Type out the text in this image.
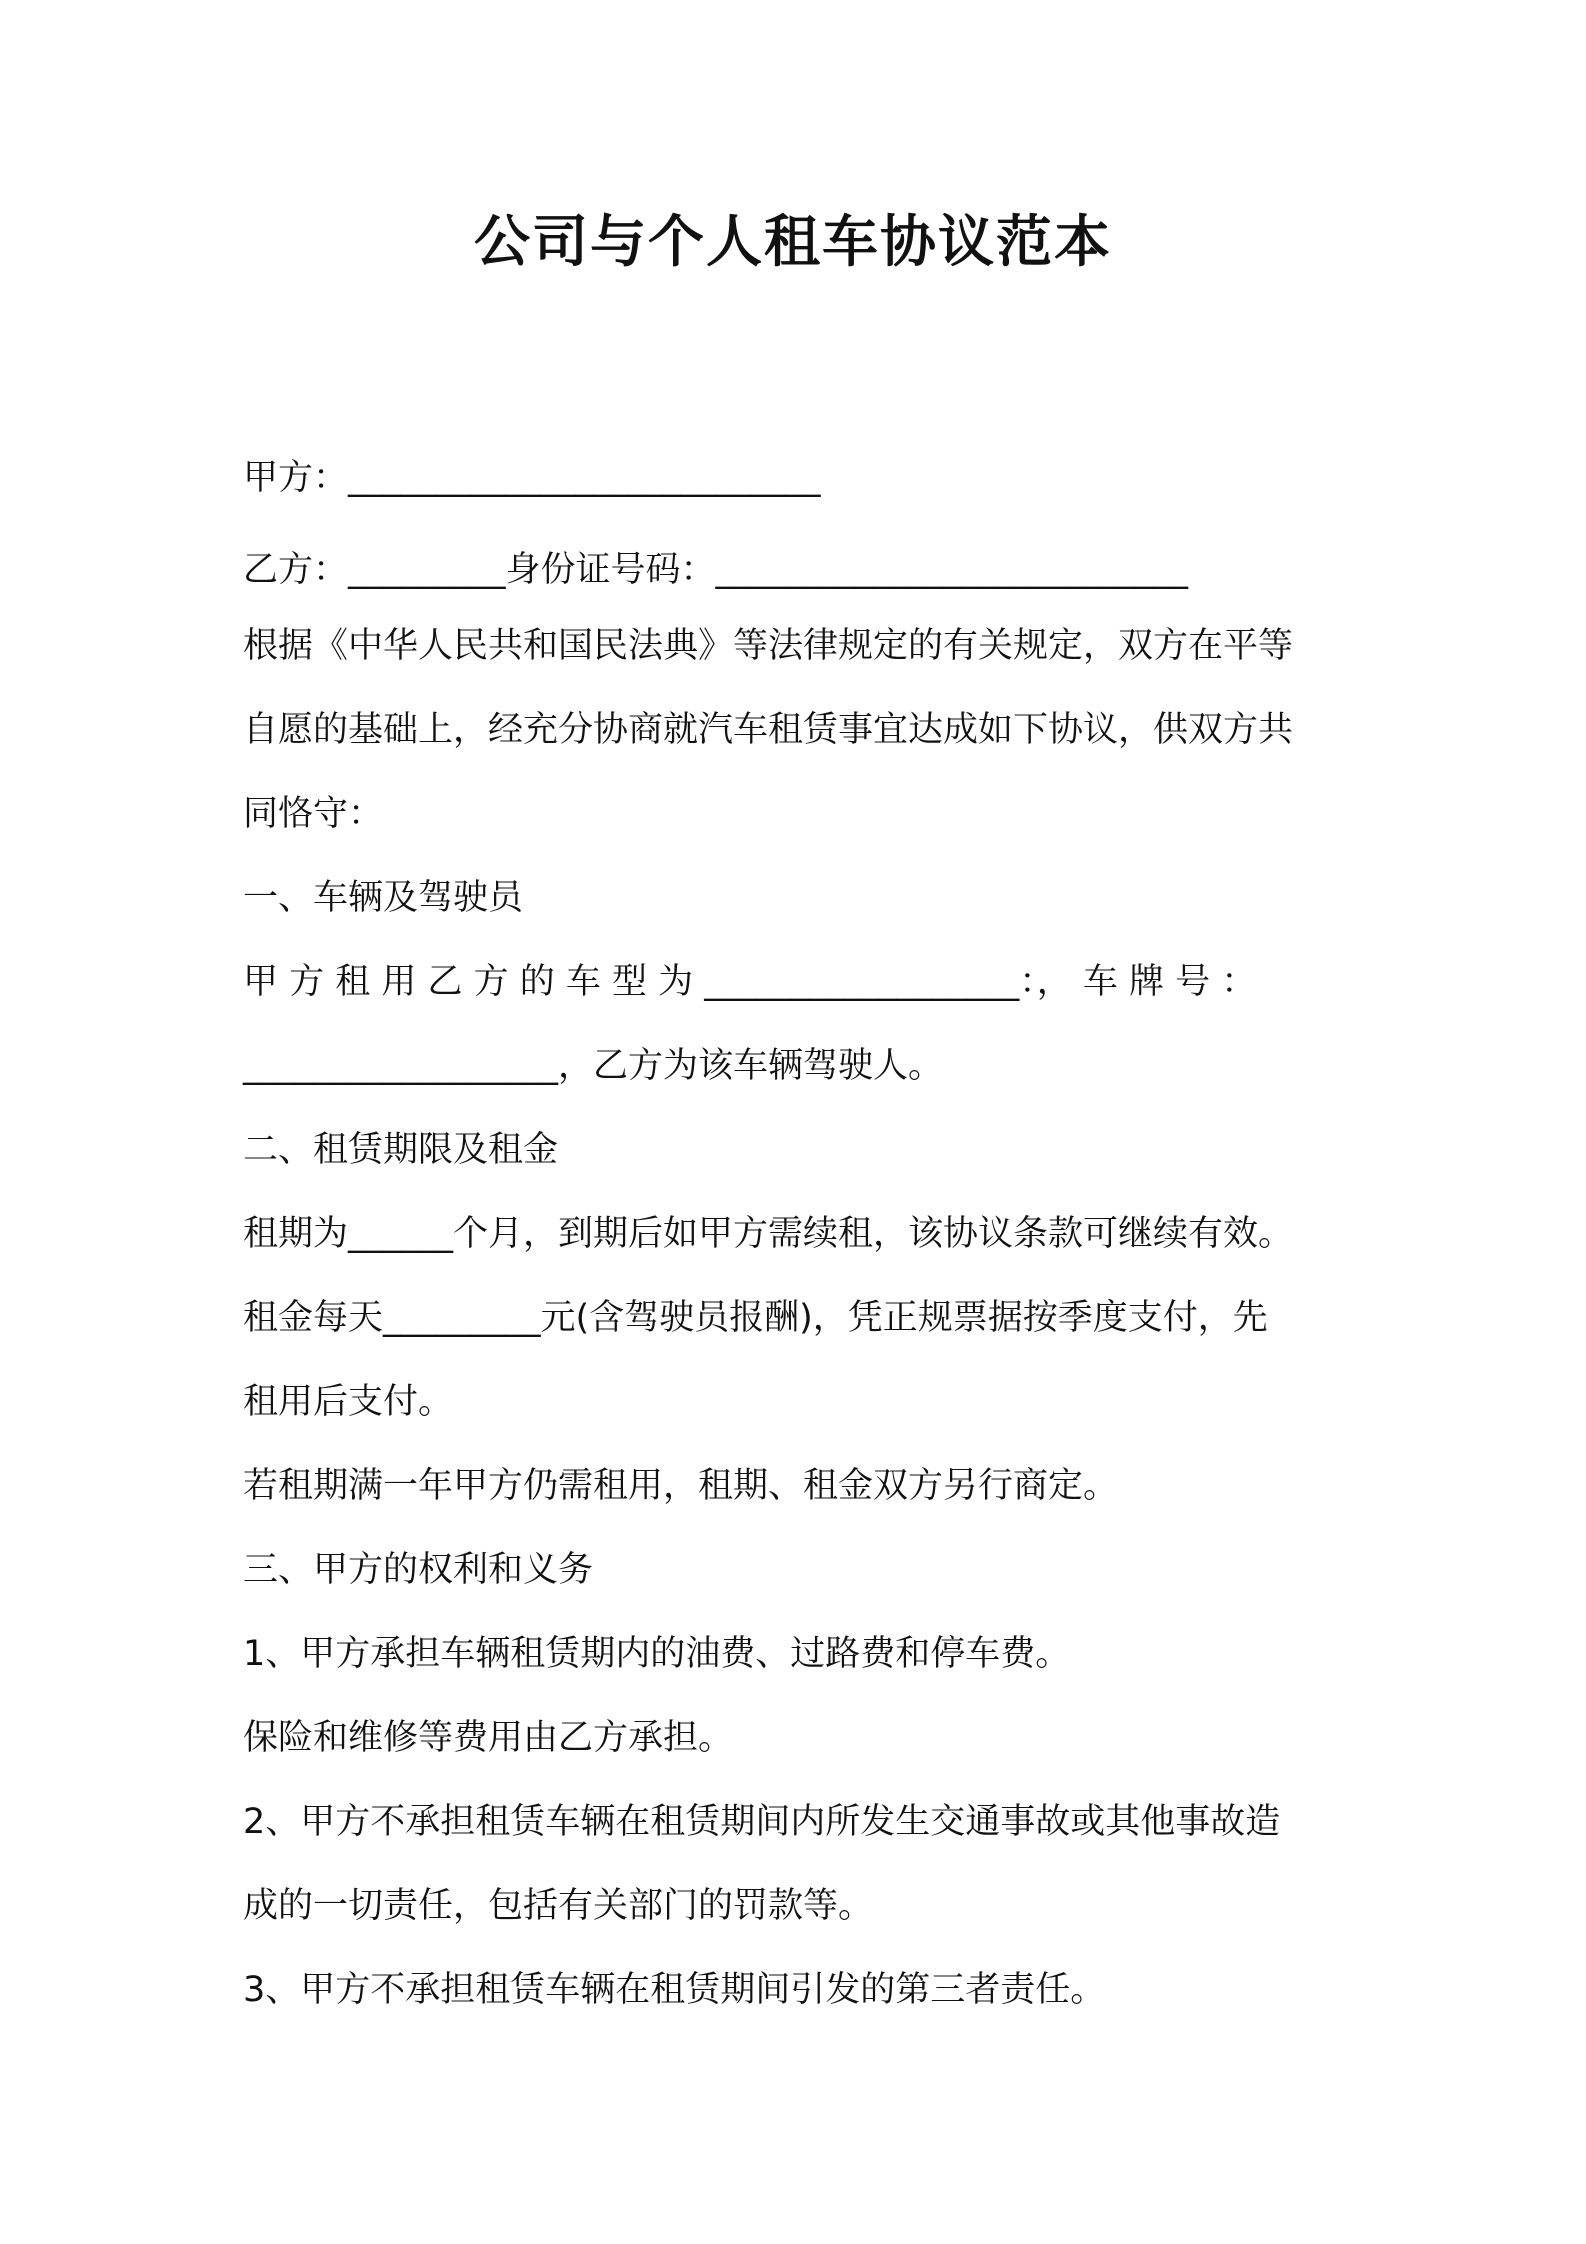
公司与个人租车协议范本
甲方：___________________________
乙方：_________身份证号码：___________________________
根据《中华人民共和国民法典》等法律规定的有关规定，双方在平等
自愿的基础上，经充分协商就汽车租赁事宜达成如下协议，供双方共
同恪守：
一、车辆及驾驶员
甲 方 租 用 乙 方 的 车 型 为 __________________：， 车 牌 号 ：
__________________，乙方为该车辆驾驶人。
二、租赁期限及租金
租期为______个月，到期后如甲方需续租，该协议条款可继续有效。
租金每天_________元(含驾驶员报酬)，凭正规票据按季度支付，先
租用后支付。
若租期满一年甲方仍需租用，租期、租金双方另行商定。
三、甲方的权利和义务
1、甲方承担车辆租赁期内的油费、过路费和停车费。
保险和维修等费用由乙方承担。
2、甲方不承担租赁车辆在租赁期间内所发生交通事故或其他事故造
成的一切责任，包括有关部门的罚款等。
3、甲方不承担租赁车辆在租赁期间引发的第三者责任。
